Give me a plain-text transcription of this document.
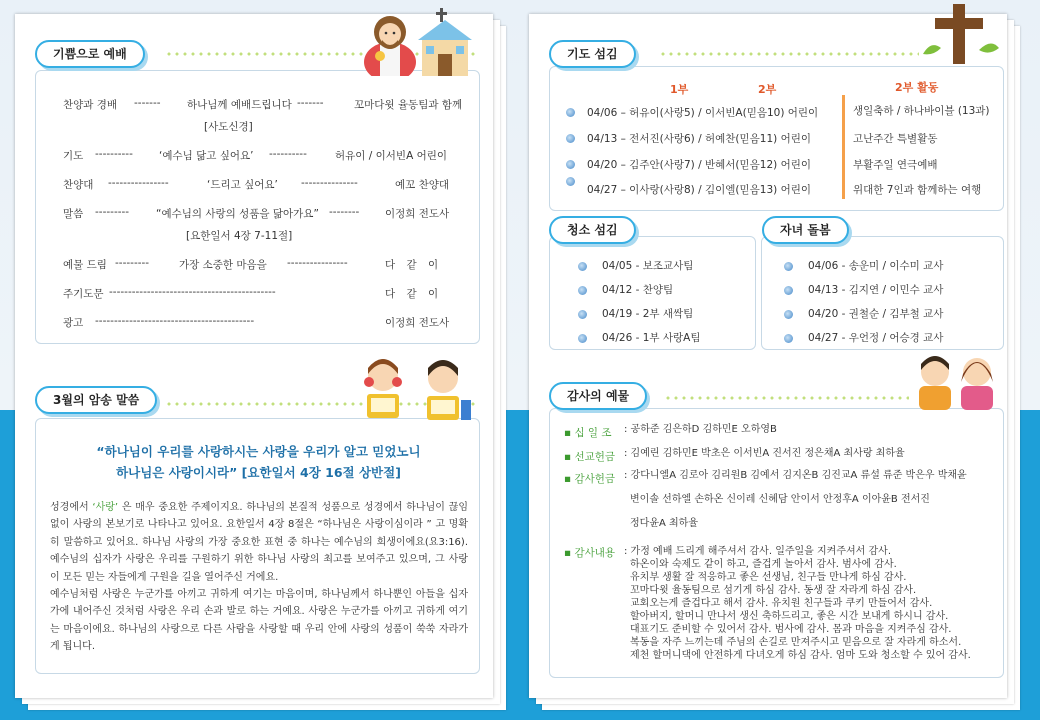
기쁨으로 예배
찬양과 경배 -------	하나님께 예배드립니다 -------	꼬마다윗 율동팀과 함께
[사도신경]
기도 ---------- ‘예수님 닮고 싶어요’ ----------	허유이 / 이서빈A 어린이
찬양대 ----------------	‘드리고 싶어요’ ---------------	예꼬 찬양대
말씀 ---------	“예수님의 사랑의 성품을 닮아가요” -------- 이정희 전도사
[요한일서 4장 7-11절]
예물 드림 ---------	가장 소중한 마음을 ----------------	다 같 이
주기도문 --------------------------------------------	다 같 이
광고 ------------------------------------------	이정희 전도사
3월의 암송 말씀
“하나님이 우리를 사랑하시는 사랑을 우리가 알고 믿었노니
하나님은 사랑이시라” [요한일서 4장 16절 상반절]
성경에서 ‘사랑’ 은 매우 중요한 주제이지요. 하나님의 본질적 성품으로 성경에서 하나님이 끊임없이 사랑의 본보기로 나타나고 있어요. 요한일서 4장 8절은 “하나님은 사랑이심이라 ” 고 명확히 말씀하고 있어요. 하나님 사랑의 가장 중요한 표현 중 하나는 예수님의 희생이에요(요3:16). 예수님의 십자가 사랑은 우리를 구원하기 위한 하나님 사랑의 최고를 보여주고 있으며, 그 사랑이 모든 믿는 자들에게 구원을 길을 열어주신 거에요.
예수님처럼 사랑은 누군가를 아끼고 귀하게 여기는 마음이며, 하나님께서 하나뿐인 아들을 십자가에 내어주신 것처럼 사랑은 우리 손과 발로 하는 거예요. 사랑은 누군가를 아끼고 귀하게 여기는 마음이에요. 하나님의 사랑으로 다른 사람을 사랑할 때 우리 안에 사랑의 성품이 쑥쑥 자라가게 됩니다.
기도 섬김
1부	2부	2부 활동
04/06 – 허유이(사랑5) / 이서빈A(믿음10) 어린이	생일축하 / 하나바이블 (13과)
04/13 – 전서진(사랑6) / 허예찬(믿음11) 어린이	고난주간 특별활동
04/20 – 김주안(사랑7) / 반혜서(믿음12) 어린이	부활주일 연극예배
04/27 – 이사랑(사랑8) / 김이엘(믿음13) 어린이	위대한 7인과 함께하는 여행
청소 섬김
04/05 - 보조교사팀
04/12 - 찬양팀
04/19 - 2부 새싹팀
04/26 - 1부 사랑A팀
자녀 돌봄
04/06 - 송운미 / 이수미 교사
04/13 - 김지연 / 이민수 교사
04/20 - 권철순 / 김부철 교사
04/27 - 우언정 / 어승경 교사
감사의 예물
▪ 십 일 조 : 공하준 김은하D 김하민E 오하영B
▪ 선교헌금 : 김예린 김하민E 박초은 이서빈A 진서진 정은채A 최사랑 최하율
▪ 감사헌금 : 강다니엘A 김로아 김리원B 김예서 김지온B 김진교A 류설 류준 박은우 박채윤
변이솔 선하엘 손하온 신이레 신혜담 안이서 안정후A 이아윤B 전서진
정다윤A 최하율
▪ 감사내용 : 가정 예배 드리게 해주셔서 감사. 일주일을 지켜주셔서 감사.
하온이와 숙제도 같이 하고, 즐겁게 놀아서 감사. 범사에 감사.
유치부 생활 잘 적응하고 좋은 선생님, 친구들 만나게 하심 감사.
꼬마다윗 율동팀으로 섬기게 하심 감사. 동생 잘 자라게 하심 감사.
교회오는게 즐겁다고 해서 감사. 유치원 친구들과 쿠키 만들어서 감사.
할아버지, 할머니 만나서 생신 축하드리고, 좋은 시간 보내게 하시니 감사.
대표기도 준비할 수 있어서 감사. 범사에 감사. 몸과 마음을 지켜주심 감사.
복동을 자주 느끼는데 주님의 손길로 만져주시고 믿음으로 잘 자라게 하소서.
제천 할머니댁에 안전하게 다녀오게 하심 감사. 엄마 도와 청소할 수 있어 감사.
